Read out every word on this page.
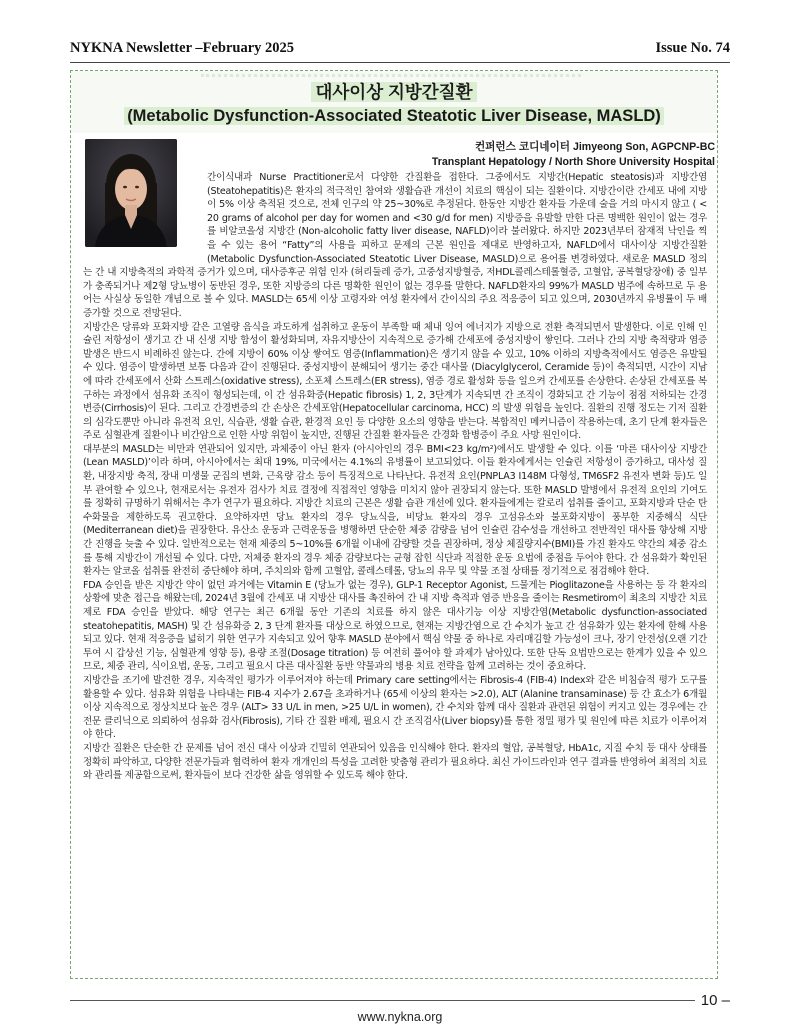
NYKNA Newsletter –February 2025	Issue No. 74
대사이상 지방간질환
(Metabolic Dysfunction-Associated Steatotic Liver Disease, MASLD)
컨퍼런스 코디네이터 Jimyeong Son, AGPCNP-BC
Transplant Hepatology / North Shore University Hospital

간이식내과 Nurse Practitioner로서 다양한 간질환을 접한다. 그중에서도 지방간(Hepatic steatosis)과 지방간염(Steatohepatitis)은 환자의 적극적인 참여와 생활습관 개선이 치료의 핵심이 되는 질환이다. 지방간이란 간세포 내에 지방이 5% 이상 축적된 것으로, 전체 인구의 약 25~30%로 추정된다. 한동안 지방간 환자들 가운데 술을 거의 마시지 않고 ( < 20 grams of alcohol per day for women and <30 g/d for men) 지방증을 유발할 만한 다른 명백한 원인이 없는 경우를 비알코올성 지방간 (Non-alcoholic fatty liver disease, NAFLD)이라 불러왔다. 하지만 2023년부터 잠재적 낙인을 찍을 수 있는 용어 “Fatty”의 사용을 피하고 문제의 근본 원인을 제대로 반영하고자, NAFLD에서 대사이상 지방간질환(Metabolic Dysfunction-Associated Steatotic Liver Disease, MASLD)으로 용어를 변경하였다. 새로운 MASLD 정의는 간 내 지방축적의 과학적 증거가 있으며, 대사증후군 위험 인자 (허리둘레 증가, 고중성지방혈증, 저HDL콜레스테롤혈증, 고혈압, 공복혈당장애) 중 일부가 충족되거나 제2형 당뇨병이 동반된 경우, 또한 지방증의 다른 명확한 원인이 없는 경우를 말한다. NAFLD환자의 99%가 MASLD 범주에 속하므로 두 용어는 사실상 동일한 개념으로 볼 수 있다. MASLD는 65세 이상 고령자와 여성 환자에서 간이식의 주요 적응증이 되고 있으며, 2030년까지 유병률이 두 배 증가할 것으로 전망된다.

지방간은 당류와 포화지방 같은 고열량 음식을 과도하게 섭취하고 운동이 부족할 때 체내 잉여 에너지가 지방으로 전환 축적되면서 발생한다. 이로 인해 인슐린 저항성이 생기고 간 내 신생 지방 합성이 활성화되며, 자유지방산이 지속적으로 증가해 간세포에 중성지방이 쌓인다. 그러나 간의 지방 축적량과 염증 발생은 반드시 비례하진 않는다. 간에 지방이 60% 이상 쌓여도 염증(Inflammation)은 생기지 않을 수 있고, 10% 이하의 지방축적에서도 염증은 유발될 수 있다. 염증이 발생하면 보통 다음과 같이 진행된다. 중성지방이 분해되어 생기는 중간 대사물 (Diacylglycerol, Ceramide 등)이 축적되면, 시간이 지남에 따라 간세포에서 산화 스트레스(oxidative stress), 소포체 스트레스(ER stress), 염증 경로 활성화 등을 일으켜 간세포를 손상한다. 손상된 간세포를 복구하는 과정에서 섬유화 조직이 형성되는데, 이 간 섬유화증(Hepatic fibrosis) 1, 2, 3단계가 지속되면 간 조직이 경화되고 간 기능이 점점 저하되는 간경변증(Cirrhosis)이 된다. 그리고 간경변증의 간 손상은 간세포암(Hepatocellular carcinoma, HCC) 의 발생 위험을 높인다. 질환의 진행 정도는 기저 질환의 심각도뿐만 아니라 유전적 요인, 식습관, 생활 습관, 환경적 요인 등 다양한 요소의 영향을 받는다. 복합적인 메커니즘이 작용하는데, 초기 단계 환자들은 주로 심혈관계 질환이나 비간암으로 인한 사망 위험이 높지만, 진행된 간질환 환자들은 간경화 합병증이 주요 사망 원인이다.

대부분의 MASLD는 비만과 연관되어 있지만, 과체중이 아닌 환자 (아시아인의 경우 BMI<23 kg/m²)에서도 발생할 수 있다. 이를 ‘마른 대사이상 지방간 (Lean MASLD)’이라 하며, 아시아에서는 최대 19%, 미국에서는 4.1%의 유병률이 보고되었다. 이들 환자에게서는 인슐린 저항성이 증가하고, 대사성 질환, 내장지방 축적, 장내 미생물 군집의 변화, 근육량 감소 등이 특징적으로 나타난다. 유전적 요인(PNPLA3 I148M 다형성, TM6SF2 유전자 변화 등)도 일부 관여할 수 있으나, 현재로서는 유전자 검사가 치료 결정에 직접적인 영향을 미치지 않아 권장되지 않는다. 또한 MASLD 발병에서 유전적 요인의 기여도를 정확히 규명하기 위해서는 추가 연구가 필요하다. 지방간 치료의 근본은 생활 습관 개선에 있다. 환자들에게는 칼로리 섭취를 줄이고, 포화지방과 단순 탄수화물을 제한하도록 권고한다. 요약하자면 당뇨 환자의 경우 당뇨식을, 비당뇨 환자의 경우 고섬유소와 불포화지방이 풍부한 지중해식 식단(Mediterranean diet)을 권장한다. 유산소 운동과 근력운동을 병행하면 단순한 체중 감량을 넘어 인슐린 감수성을 개선하고 전반적인 대사를 향상해 지방간 진행을 늦출 수 있다. 일반적으로는 현재 체중의 5~10%를 6개월 이내에 감량할 것을 권장하며, 정상 체질량지수(BMI)를 가진 환자도 약간의 체중 감소를 통해 지방간이 개선될 수 있다. 다만, 저체중 환자의 경우 체중 감량보다는 균형 잡힌 식단과 적절한 운동 요법에 중점을 두어야 한다. 간 섬유화가 확인된 환자는 알코올 섭취를 완전히 중단해야 하며, 주치의와 함께 고혈압, 콜레스테롤, 당뇨의 유무 및 약물 조절 상태를 정기적으로 점검해야 한다.

FDA 승인을 받은 지방간 약이 없던 과거에는 Vitamin E (당뇨가 없는 경우), GLP-1 Receptor Agonist, 드물게는 Pioglitazone을 사용하는 등 각 환자의 상황에 맞춘 접근을 해왔는데, 2024년 3월에 간세포 내 지방산 대사를 촉진하여 간 내 지방 축적과 염증 반응을 줄이는 Resmetirom이 최초의 지방간 치료제로 FDA 승인을 받았다. 해당 연구는 최근 6개월 동안 기존의 치료를 하지 않은 대사기능 이상 지방간염(Metabolic dysfunction-associated steatohepatitis, MASH) 및 간 섬유화증 2, 3 단계 환자를 대상으로 하였으므로, 현재는 지방간염으로 간 수치가 높고 간 섬유화가 있는 환자에 한해 사용되고 있다. 현재 적응증을 넓히기 위한 연구가 지속되고 있어 향후 MASLD 분야에서 핵심 약물 중 하나로 자리매김할 가능성이 크나, 장기 안전성(오랜 기간 투여 시 갑상선 기능, 심혈관계 영향 등), 용량 조절(Dosage titration) 등 여전히 풀어야 할 과제가 남아있다. 또한 단독 요법만으로는 한계가 있을 수 있으므로, 체중 관리, 식이요법, 운동, 그리고 필요시 다른 대사질환 동반 약물과의 병용 치료 전략을 함께 고려하는 것이 중요하다.

지방간을 조기에 발견한 경우, 지속적인 평가가 이루어져야 하는데 Primary care setting에서는 Fibrosis-4 (FIB-4) Index와 같은 비침습적 평가 도구를 활용할 수 있다. 섬유화 위험을 나타내는 FIB-4 지수가 2.67을 초과하거나 (65세 이상의 환자는 >2.0), ALT (Alanine transaminase) 등 간 효소가 6개월 이상 지속적으로 정상치보다 높은 경우 (ALT> 33 U/L in men, >25 U/L in women), 간 수치와 함께 대사 질환과 관련된 위험이 커지고 있는 경우에는 간 전문 클리닉으로 의뢰하여 섬유화 검사(Fibrosis), 기타 간 질환 배제, 필요시 간 조직검사(Liver biopsy)를 통한 정밀 평가 및 원인에 따른 치료가 이루어져야 한다.

지방간 질환은 단순한 간 문제를 넘어 전신 대사 이상과 긴밀히 연관되어 있음을 인식해야 한다. 환자의 혈압, 공복혈당, HbA1c, 지질 수치 등 대사 상태를 정확히 파악하고, 다양한 전문가들과 협력하여 환자 개개인의 특성을 고려한 맞춤형 관리가 필요하다. 최신 가이드라인과 연구 결과를 반영하여 최적의 치료와 관리를 제공함으로써, 환자들이 보다 건강한 삶을 영위할 수 있도록 해야 한다.

10 –
www.nykna.org
